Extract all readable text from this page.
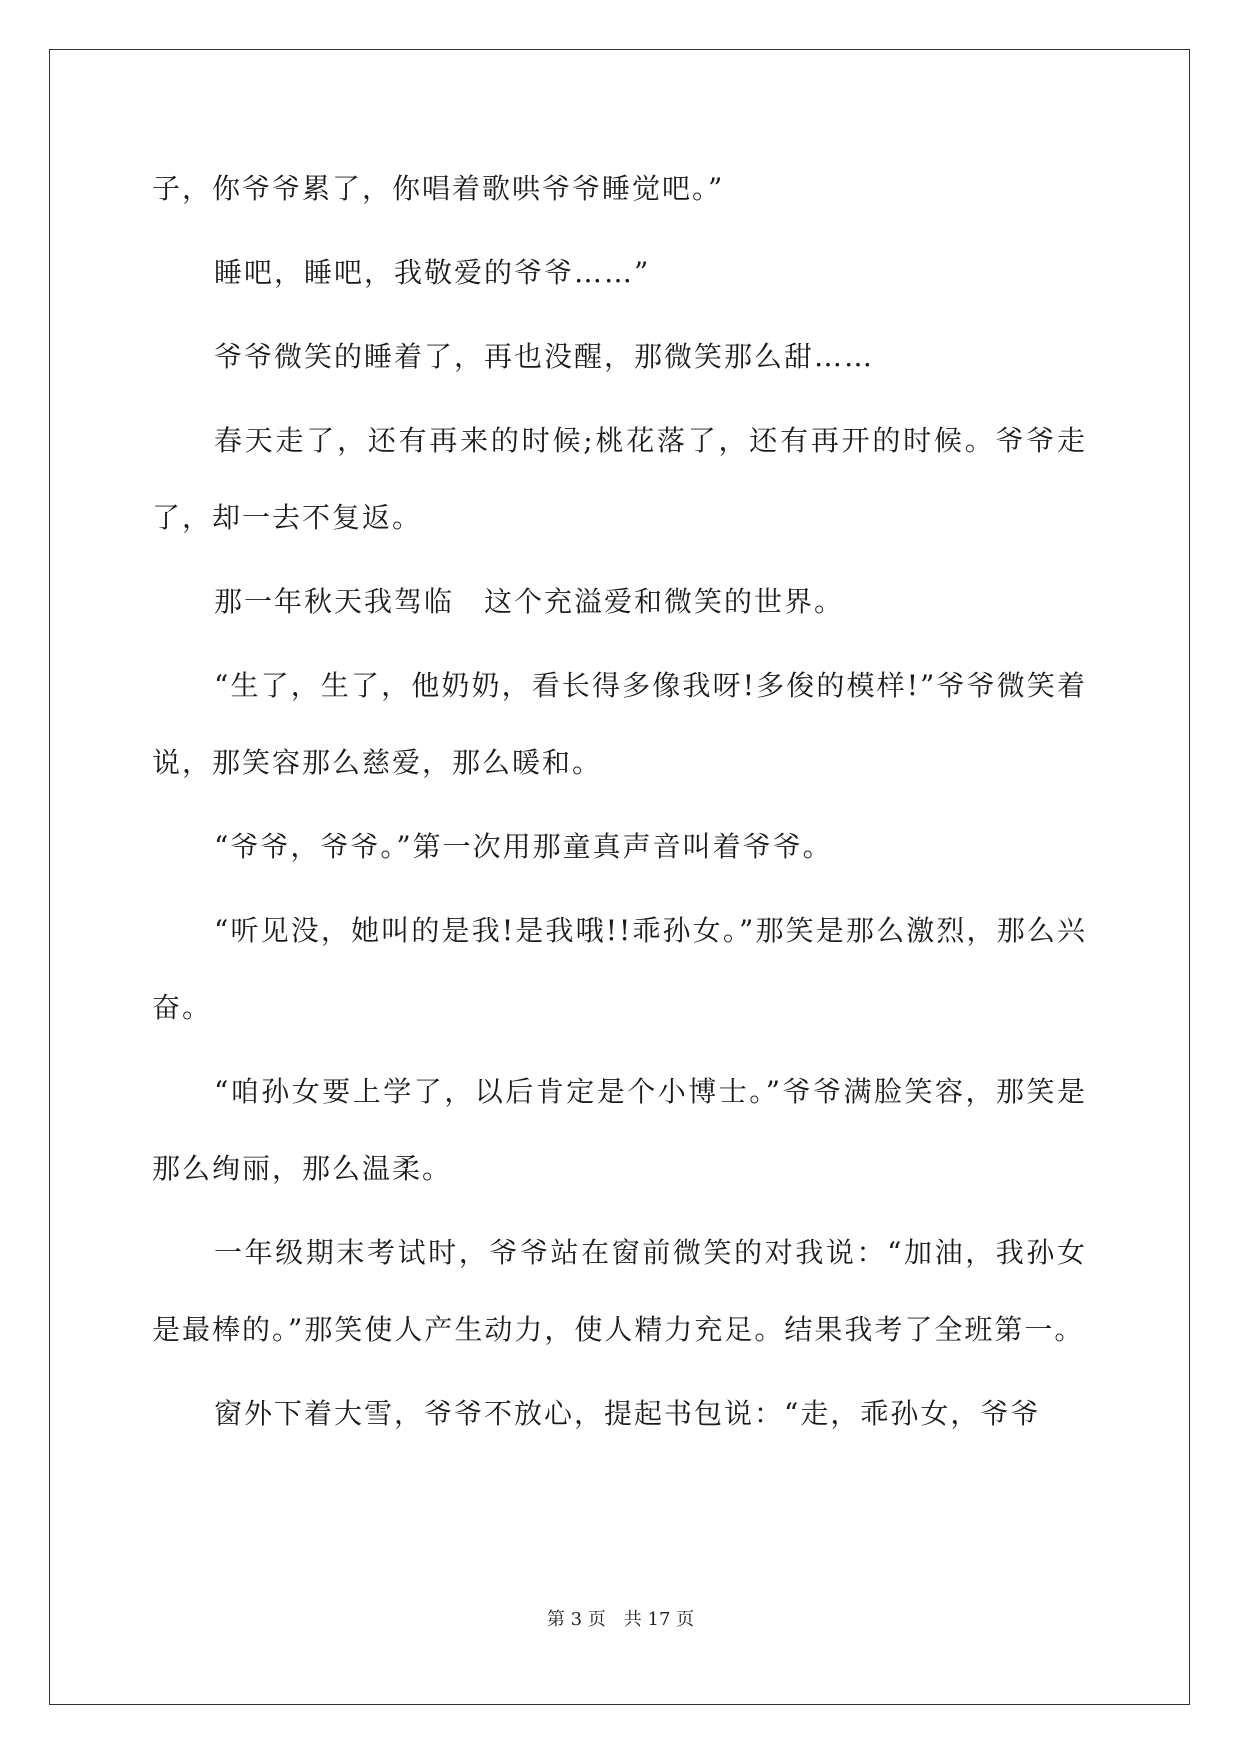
子，你爷爷累了，你唱着歌哄爷爷睡觉吧。”

睡吧，睡吧，我敬爱的爷爷……”

爷爷微笑的睡着了，再也没醒，那微笑那么甜……

春天走了，还有再来的时候;桃花落了，还有再开的时候。爷爷走了，却一去不复返。

那一年秋天我驾临　这个充溢爱和微笑的世界。

“生了，生了，他奶奶，看长得多像我呀!多俊的模样!”爷爷微笑着说，那笑容那么慈爱，那么暖和。

“爷爷，爷爷。”第一次用那童真声音叫着爷爷。

“听见没，她叫的是我!是我哦!!乖孙女。”那笑是那么激烈，那么兴奋。

“咱孙女要上学了，以后肯定是个小博士。”爷爷满脸笑容，那笑是那么绚丽，那么温柔。

一年级期末考试时，爷爷站在窗前微笑的对我说：“加油，我孙女是最棒的。”那笑使人产生动力，使人精力充足。结果我考了全班第一。

窗外下着大雪，爷爷不放心，提起书包说：“走，乖孙女，爷爷

第 3 页　共 17 页
